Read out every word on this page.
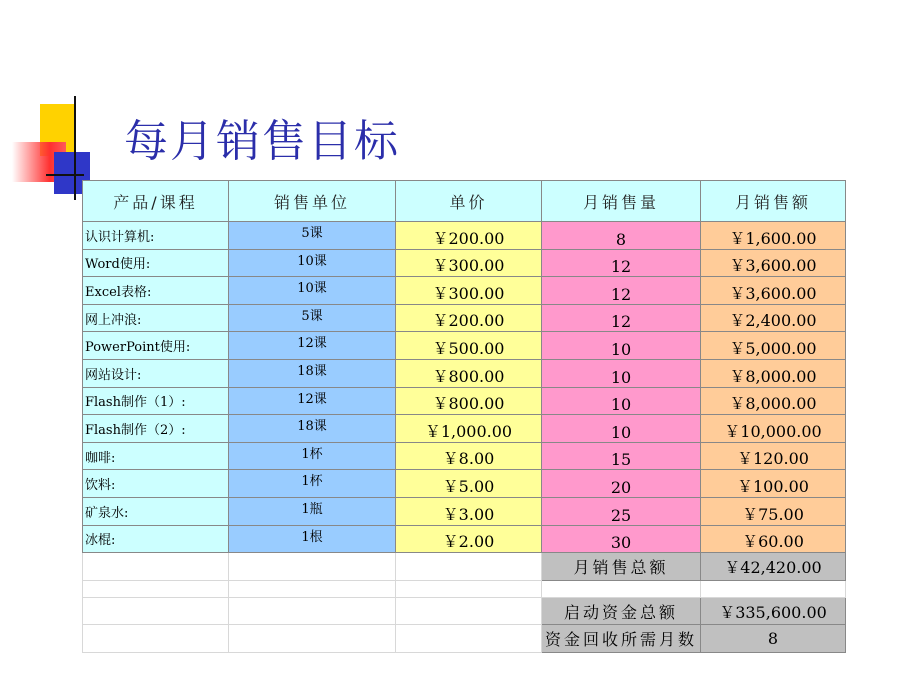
每月销售目标
产品/课程	销售单位	单价	月销售量	月销售额
认识计算机:	5课	￥200.00	8	￥1,600.00
Word使用:	10课	￥300.00	12	￥3,600.00
Excel表格:	10课	￥300.00	12	￥3,600.00
网上冲浪:	5课	￥200.00	12	￥2,400.00
PowerPoint使用:	12课	￥500.00	10	￥5,000.00
网站设计:	18课	￥800.00	10	￥8,000.00
Flash制作（1）:	12课	￥800.00	10	￥8,000.00
Flash制作（2）:	18课	￥1,000.00	10	￥10,000.00
咖啡:	1杯	￥8.00	15	￥120.00
饮料:	1杯	￥5.00	20	￥100.00
矿泉水:	1瓶	￥3.00	25	￥75.00
冰棍:	1根	￥2.00	30	￥60.00
			月销售总额	￥42,420.00

			启动资金总额	￥335,600.00
			资金回收所需月数	8
